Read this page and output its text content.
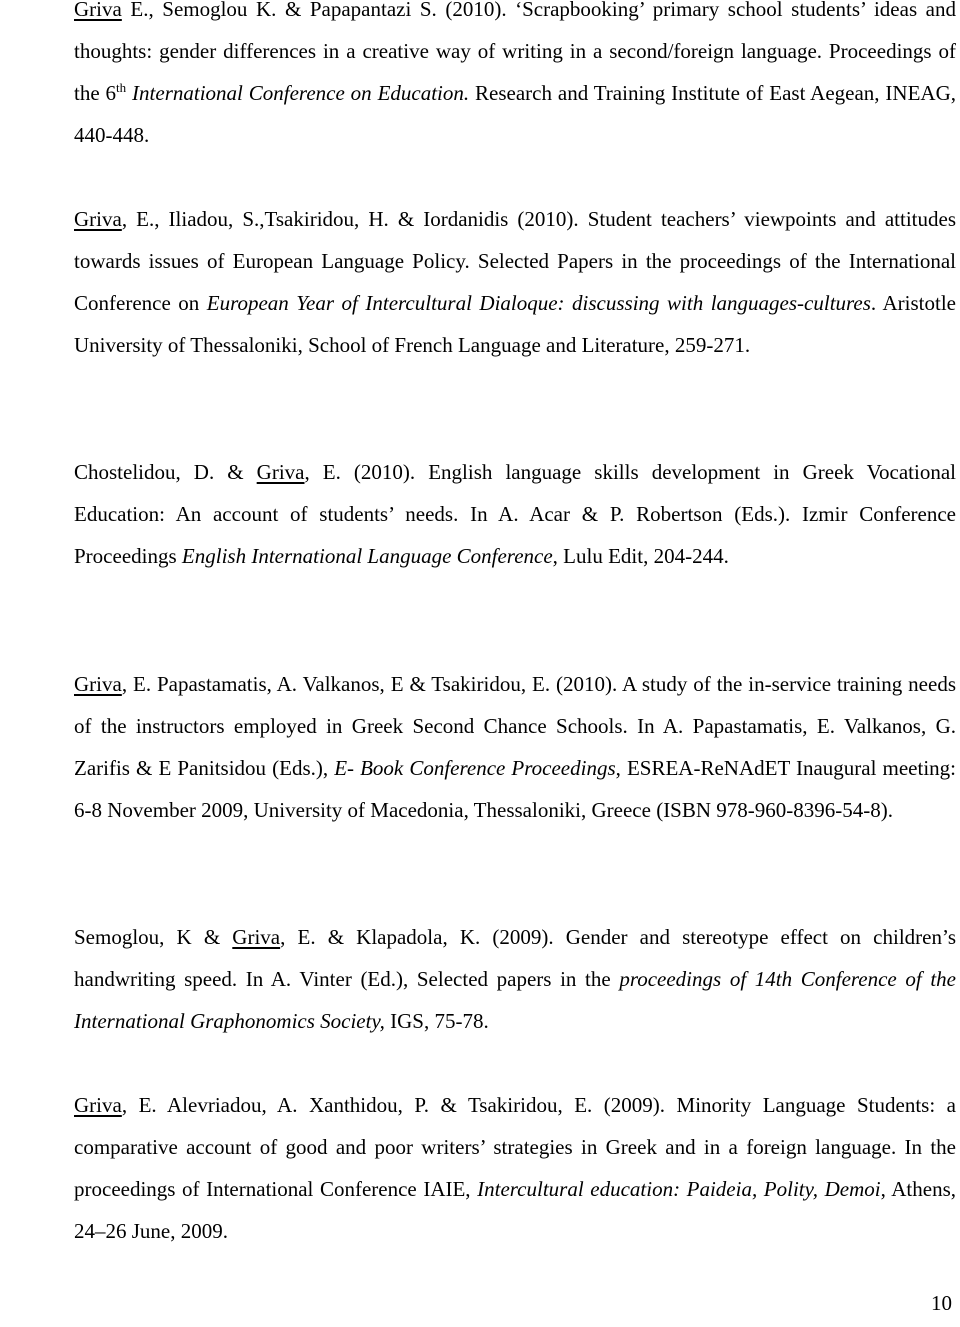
Griva E., Semoglou K. & Papapantazi S. (2010). ‘Scrapbooking’ primary school students’ ideas and thoughts: gender differences in a creative way of writing in a second/foreign language. Proceedings of the 6th International Conference on Education. Research and Training Institute of East Aegean, INEAG, 440-448.
Griva, E., Iliadou, S.,Tsakiridou, H. & Iordanidis (2010). Student teachers’ viewpoints and attitudes towards issues of European Language Policy. Selected Papers in the proceedings of the International Conference on European Year of Intercultural Dialoque: discussing with languages-cultures. Aristotle University of Thessaloniki, School of French Language and Literature, 259-271.
Chostelidou, D. & Griva, E. (2010). English language skills development in Greek Vocational Education: An account of students’ needs. In A. Acar & P. Robertson (Eds.). Izmir Conference Proceedings English International Language Conference, Lulu Edit, 204-244.
Griva, E. Papastamatis, A. Valkanos, E & Tsakiridou, E. (2010). A study of the in-service training needs of the instructors employed in Greek Second Chance Schools. In A. Papastamatis, E. Valkanos, G. Zarifis & E Panitsidou (Eds.), E- Book Conference Proceedings, ESREA-ReNAdET Inaugural meeting: 6-8 November 2009, University of Macedonia, Thessaloniki, Greece (ISBN 978-960-8396-54-8).
Semoglou, K & Griva, E. & Klapadola, K. (2009). Gender and stereotype effect on children’s handwriting speed. In A. Vinter (Ed.), Selected papers in the proceedings of 14th Conference of the International Graphonomics Society, IGS, 75-78.
Griva, E. Alevriadou, A. Xanthidou, P. & Tsakiridou, E. (2009). Minority Language Students: a comparative account of good and poor writers’ strategies in Greek and in a foreign language. In the proceedings of International Conference IAIE, Intercultural education: Paideia, Polity, Demoi, Athens, 24–26 June, 2009.
10
